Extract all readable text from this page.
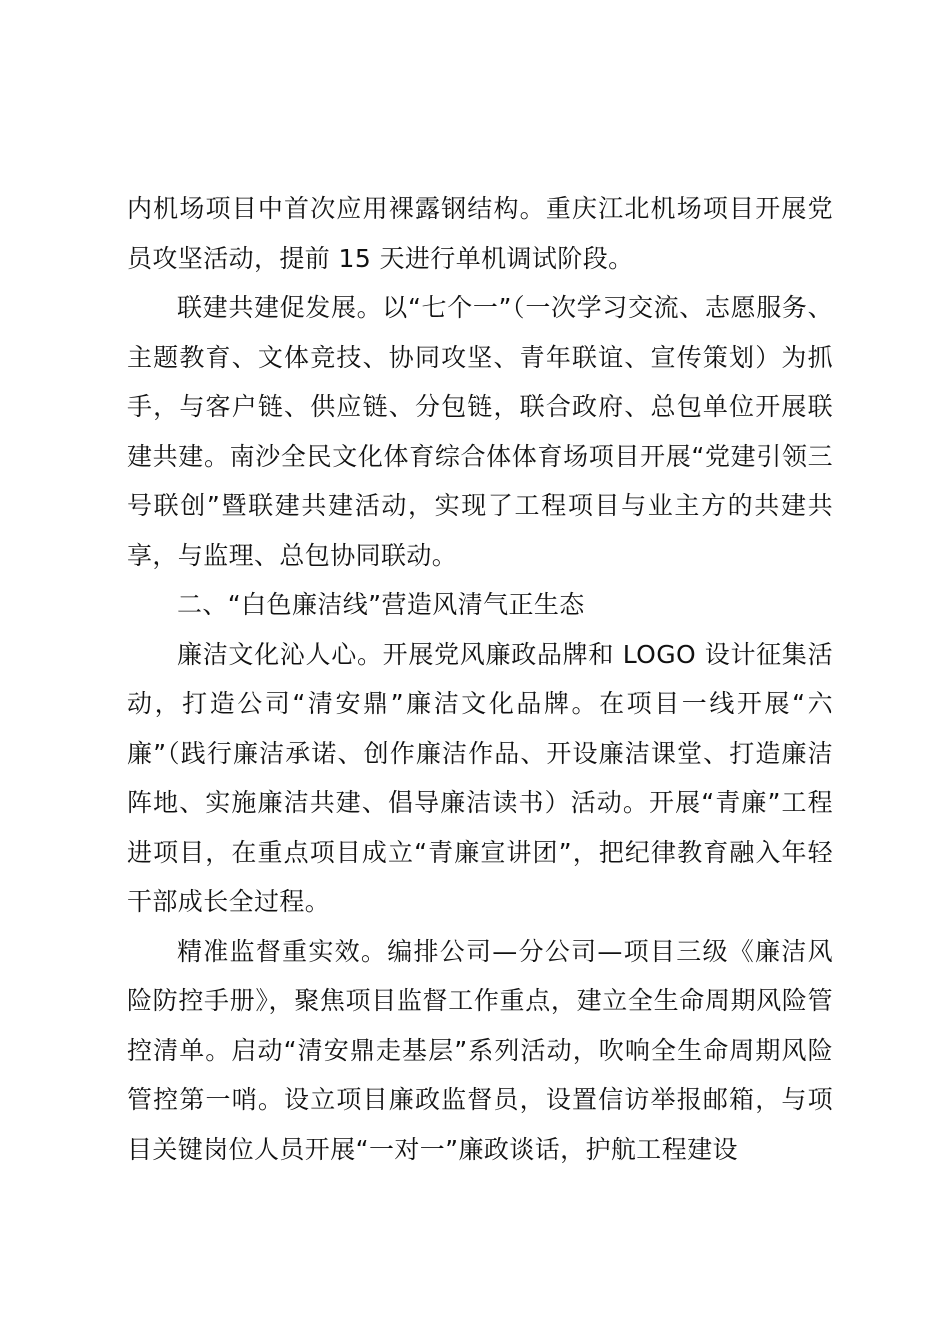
内机场项目中首次应用裸露钢结构。重庆江北机场项目开展党员攻坚活动，提前 15 天进行单机调试阶段。

联建共建促发展。以“七个一”（一次学习交流、志愿服务、主题教育、文体竞技、协同攻坚、青年联谊、宣传策划）为抓手，与客户链、供应链、分包链，联合政府、总包单位开展联建共建。南沙全民文化体育综合体体育场项目开展“党建引领三号联创”暨联建共建活动，实现了工程项目与业主方的共建共享，与监理、总包协同联动。

二、“白色廉洁线”营造风清气正生态

廉洁文化沁人心。开展党风廉政品牌和 LOGO 设计征集活动，打造公司“清安鼎”廉洁文化品牌。在项目一线开展“六廉”（践行廉洁承诺、创作廉洁作品、开设廉洁课堂、打造廉洁阵地、实施廉洁共建、倡导廉洁读书）活动。开展“青廉”工程进项目，在重点项目成立“青廉宣讲团”，把纪律教育融入年轻干部成长全过程。

精准监督重实效。编排公司—分公司—项目三级《廉洁风险防控手册》，聚焦项目监督工作重点，建立全生命周期风险管控清单。启动“清安鼎走基层”系列活动，吹响全生命周期风险管控第一哨。设立项目廉政监督员，设置信访举报邮箱，与项目关键岗位人员开展“一对一”廉政谈话，护航工程建设
